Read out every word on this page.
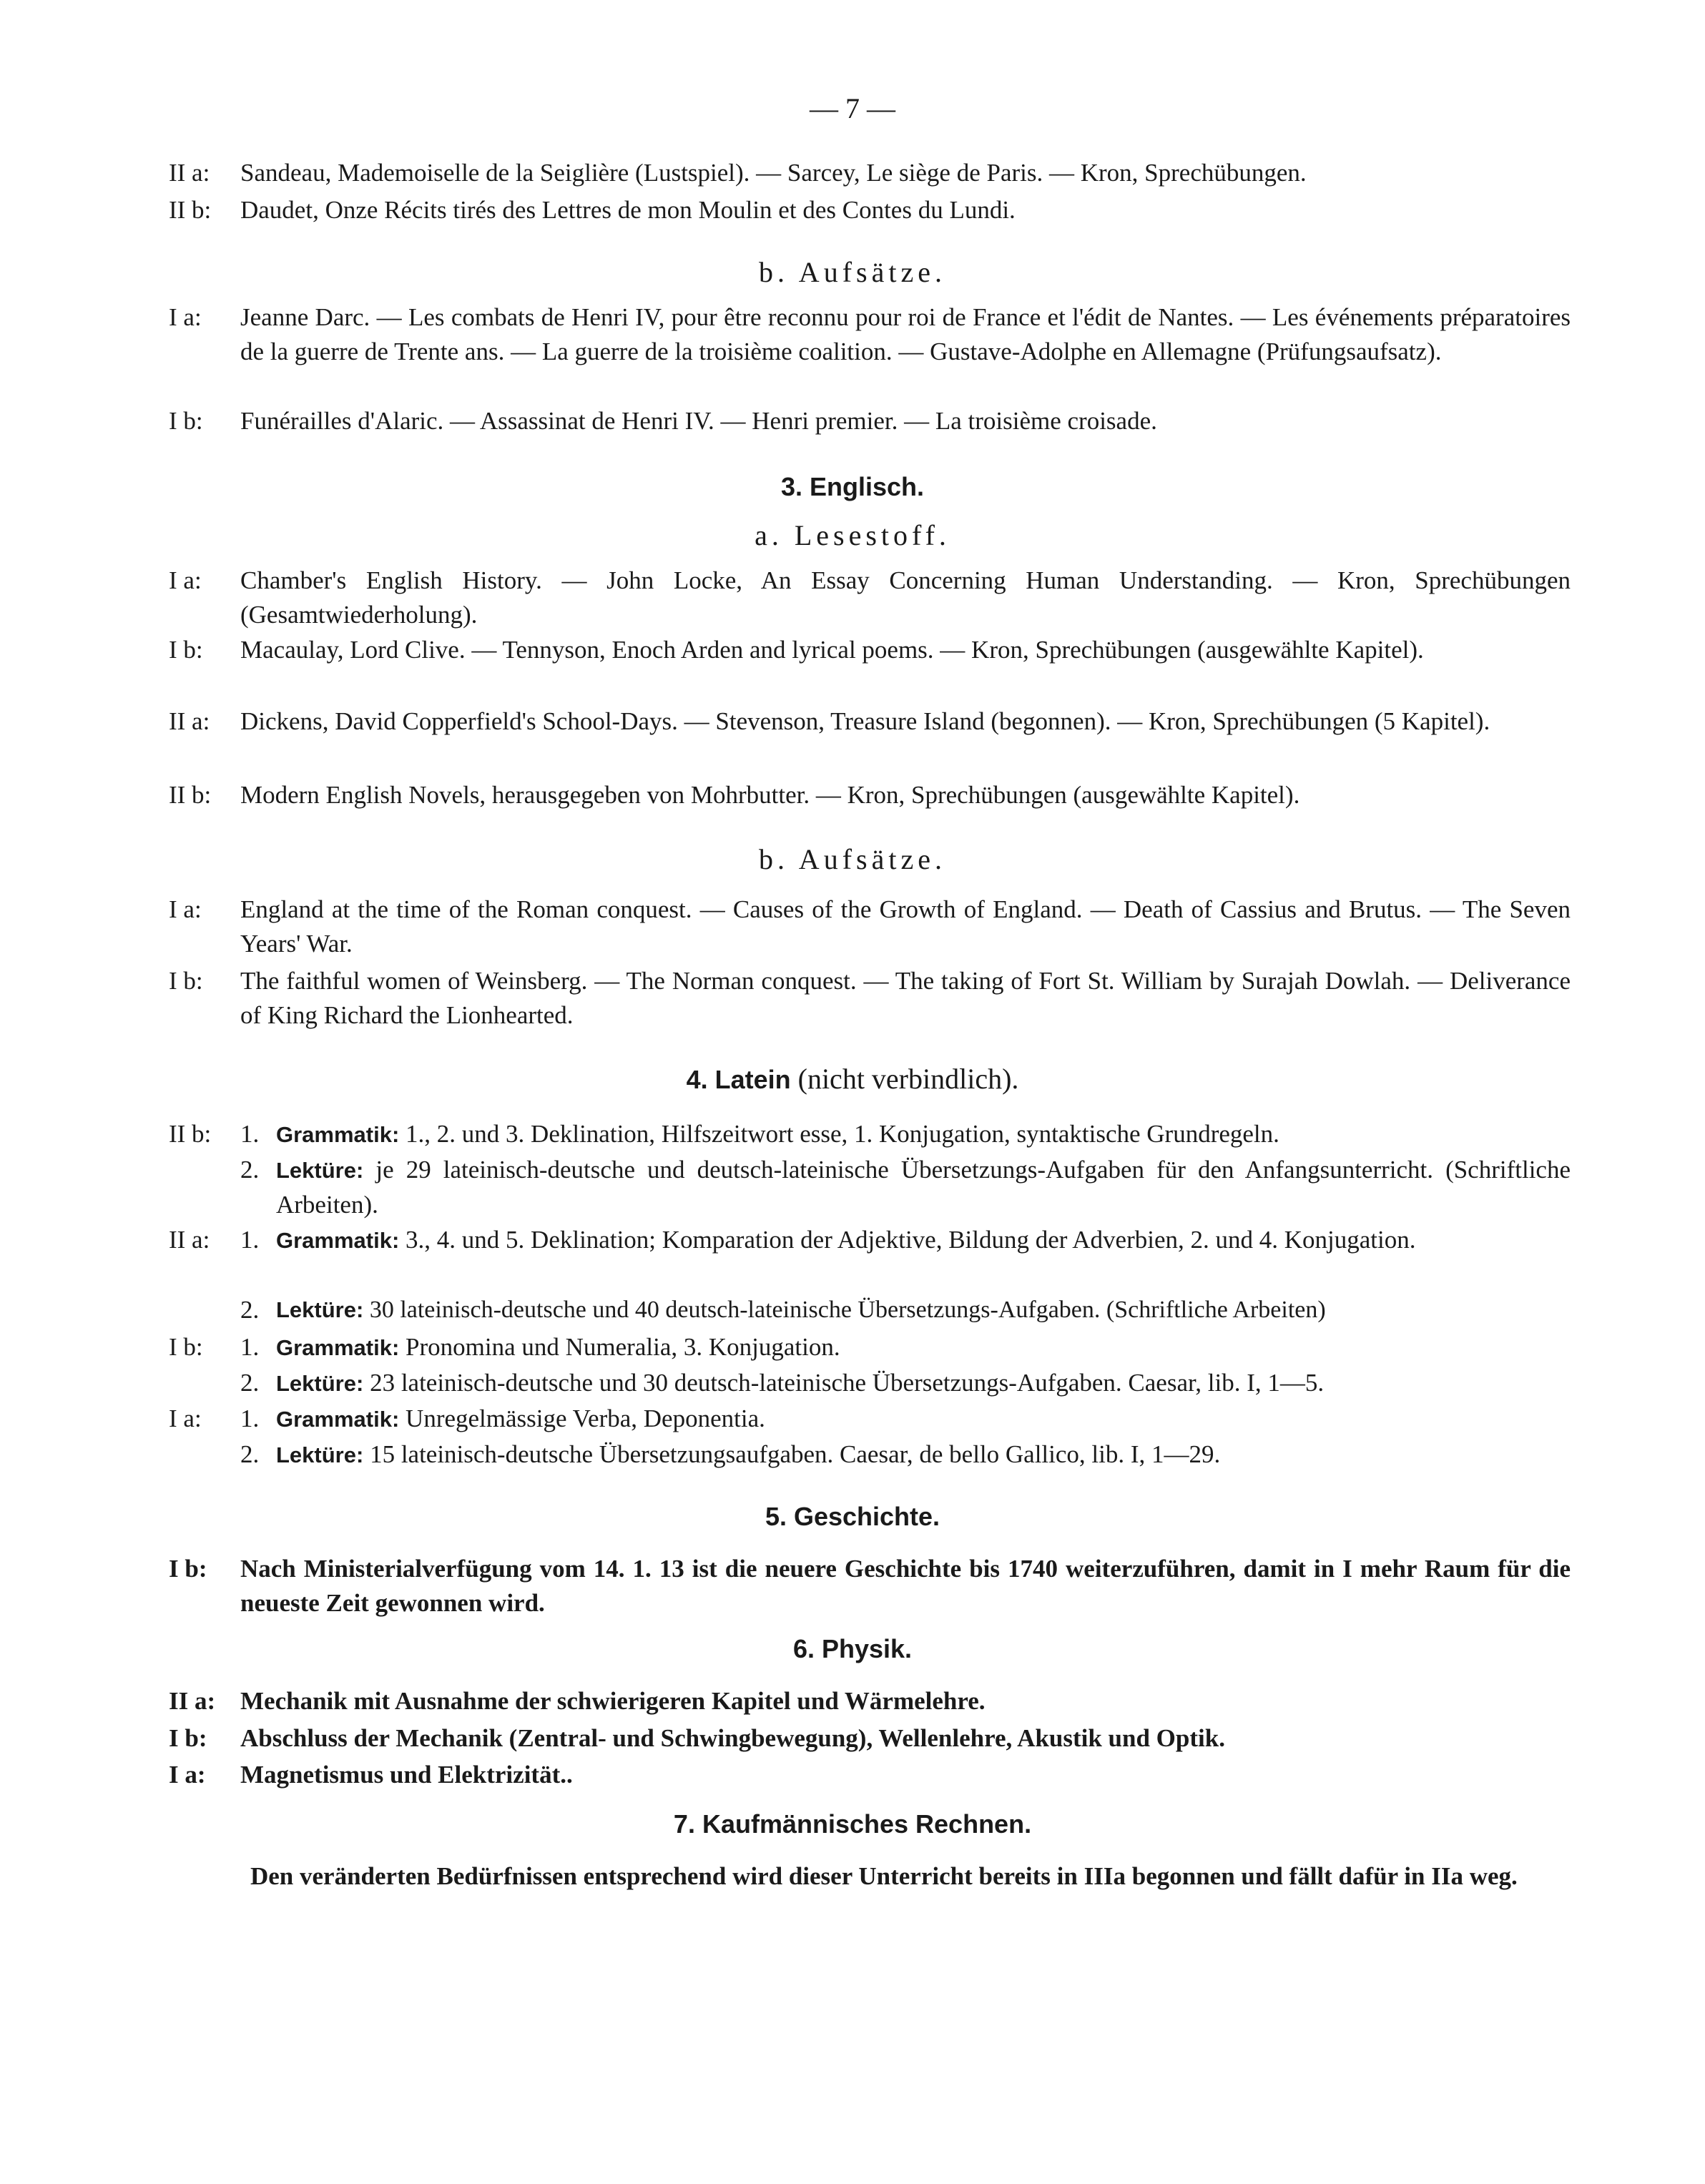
— 7 —
II a: Sandeau, Mademoiselle de la Seiglière (Lustspiel). — Sarcey, Le siège de Paris. — Kron, Sprechübungen.
II b: Daudet, Onze Récits tirés des Lettres de mon Moulin et des Contes du Lundi.
b. Aufsätze.
I a: Jeanne Darc. — Les combats de Henri IV, pour être reconnu pour roi de France et l'édit de Nantes. — Les événements préparatoires de la guerre de Trente ans. — La guerre de la troisième coalition. — Gustave-Adolphe en Allemagne (Prüfungsaufsatz).
I b: Funérailles d'Alaric. — Assassinat de Henri IV. — Henri premier. — La troisième croisade.
3. Englisch.
a. Lesestoff.
I a: Chamber's English History. — John Locke, An Essay Concerning Human Understanding. — Kron, Sprechübungen (Gesamtwiederholung).
I b: Macaulay, Lord Clive. — Tennyson, Enoch Arden and lyrical poems. — Kron, Sprechübungen (ausgewählte Kapitel).
II a: Dickens, David Copperfield's School-Days. — Stevenson, Treasure Island (begonnen). — Kron, Sprechübungen (5 Kapitel).
II b: Modern English Novels, herausgegeben von Mohrbutter. — Kron, Sprechübungen (ausgewählte Kapitel).
b. Aufsätze.
I a: England at the time of the Roman conquest. — Causes of the Growth of England. — Death of Cassius and Brutus. — The Seven Years' War.
I b: The faithful women of Weinsberg. — The Norman conquest. — The taking of Fort St. William by Surajah Dowlah. — Deliverance of King Richard the Lionhearted.
4. Latein (nicht verbindlich).
II b: 1. Grammatik: 1., 2. und 3. Deklination, Hilfszeitwort esse, 1. Konjugation, syntaktische Grundregeln.
2. Lektüre: je 29 lateinisch-deutsche und deutsch-lateinische Übersetzungs-Aufgaben für den Anfangsunterricht. (Schriftliche Arbeiten).
II a: 1. Grammatik: 3., 4. und 5. Deklination; Komparation der Adjektive, Bildung der Adverbien, 2. und 4. Konjugation.
2. Lektüre: 30 lateinisch-deutsche und 40 deutsch-lateinische Übersetzungs-Aufgaben. (Schriftliche Arbeiten)
I b: 1. Grammatik: Pronomina und Numeralia, 3. Konjugation.
2. Lektüre: 23 lateinisch-deutsche und 30 deutsch-lateinische Übersetzungs-Aufgaben. Caesar, lib. I, 1—5.
I a: 1. Grammatik: Unregelmässige Verba, Deponentia.
2. Lektüre: 15 lateinisch-deutsche Übersetzungsaufgaben. Caesar, de bello Gallico, lib. I, 1—29.
5. Geschichte.
I b: Nach Ministerialverfügung vom 14. 1. 13 ist die neuere Geschichte bis 1740 weiterzuführen, damit in I mehr Raum für die neueste Zeit gewonnen wird.
6. Physik.
II a: Mechanik mit Ausnahme der schwierigeren Kapitel und Wärmelehre.
I b: Abschluss der Mechanik (Zentral- und Schwingbewegung), Wellenlehre, Akustik und Optik.
I a: Magnetismus und Elektrizität..
7. Kaufmännisches Rechnen.
Den veränderten Bedürfnissen entsprechend wird dieser Unterricht bereits in IIIa begonnen und fällt dafür in IIa weg.
